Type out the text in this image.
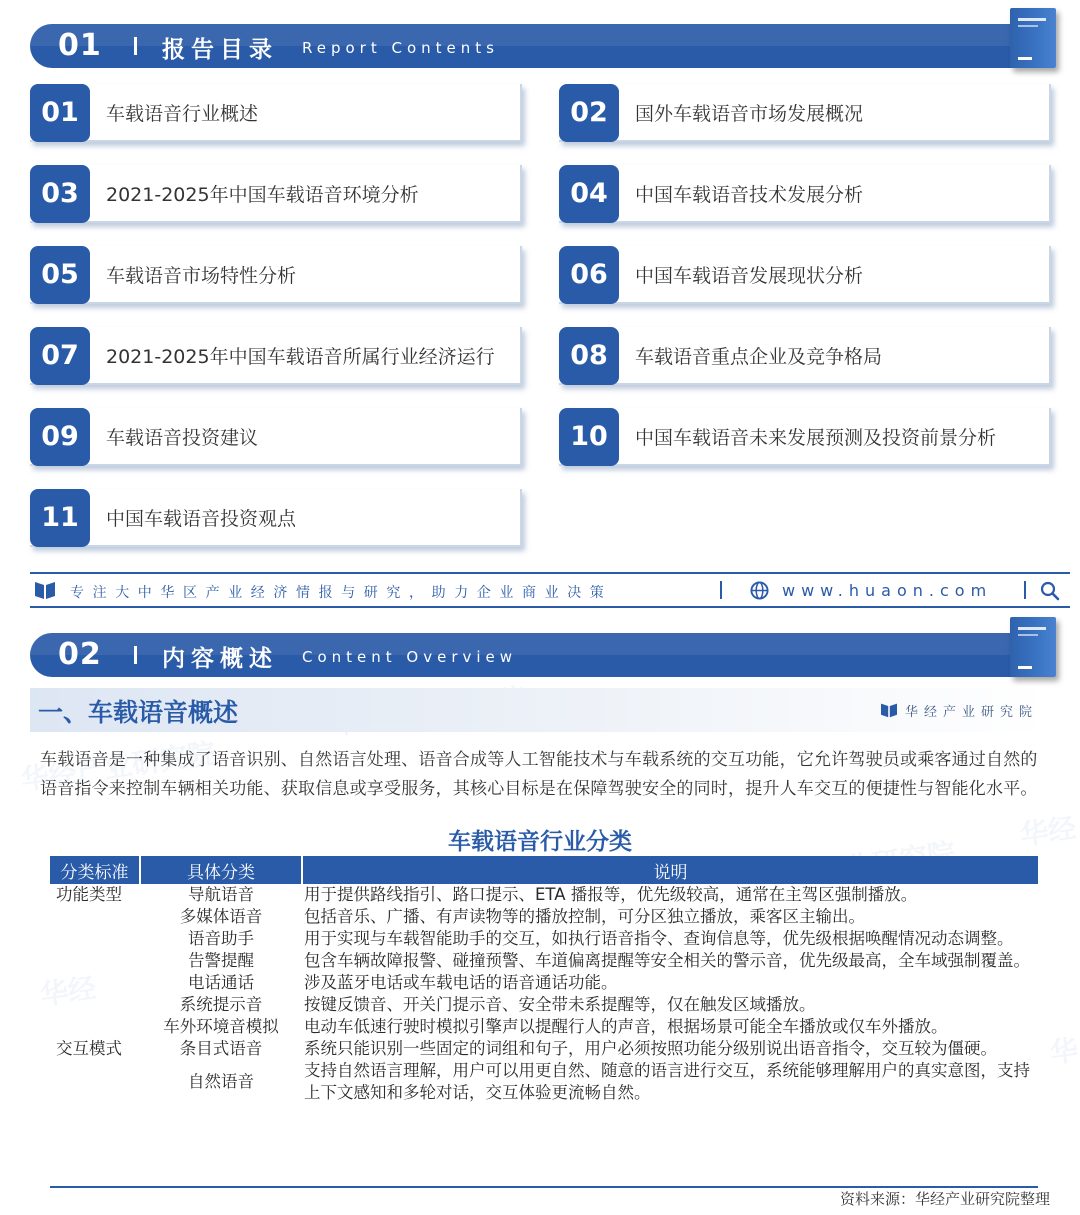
华经产业研究院
华经
华经
华
01	报告目录 Report Contents
01	车载语音行业概述	02	国外车载语音市场发展概况
03	2021-2025年中国车载语音环境分析	04	中国车载语音技术发展分析
05	车载语音市场特性分析	06	中国车载语音发展现状分析
07	2021-2025年中国车载语音所属行业经济运行	08	车载语音重点企业及竞争格局
09	车载语音投资建议	10	中国车载语音未来发展预测及投资前景分析
11	中国车载语音投资观点
专注大中华区产业经济情报与研究，助力企业商业决策	www.huaon.com
02	内容概述 Content Overview
一、车载语音概述	华经产业研究院

车载语音是一种集成了语音识别、自然语言处理、语音合成等人工智能技术与车载系统的交互功能，它允许驾驶员或乘客通过自然的语音指令来控制车辆相关功能、获取信息或享受服务，其核心目标是在保障驾驶安全的同时，提升人车交互的便捷性与智能化水平。

车载语音行业分类
分类标准	具体分类	说明
功能类型	导航语音	用于提供路线指引、路口提示、ETA 播报等，优先级较高，通常在主驾区强制播放。
	多媒体语音	包括音乐、广播、有声读物等的播放控制，可分区独立播放，乘客区主输出。
	语音助手	用于实现与车载智能助手的交互，如执行语音指令、查询信息等，优先级根据唤醒情况动态调整。
	告警提醒	包含车辆故障报警、碰撞预警、车道偏离提醒等安全相关的警示音，优先级最高，全车域强制覆盖。
	电话通话	涉及蓝牙电话或车载电话的语音通话功能。
	系统提示音	按键反馈音、开关门提示音、安全带未系提醒等，仅在触发区域播放。
	车外环境音模拟	电动车低速行驶时模拟引擎声以提醒行人的声音，根据场景可能全车播放或仅车外播放。
交互模式	条目式语音	系统只能识别一些固定的词组和句子，用户必须按照功能分级别说出语音指令，交互较为僵硬。
	自然语音	支持自然语言理解，用户可以用更自然、随意的语言进行交互，系统能够理解用户的真实意图，支持上下文感知和多轮对话，交互体验更流畅自然。
资料来源：华经产业研究院整理
